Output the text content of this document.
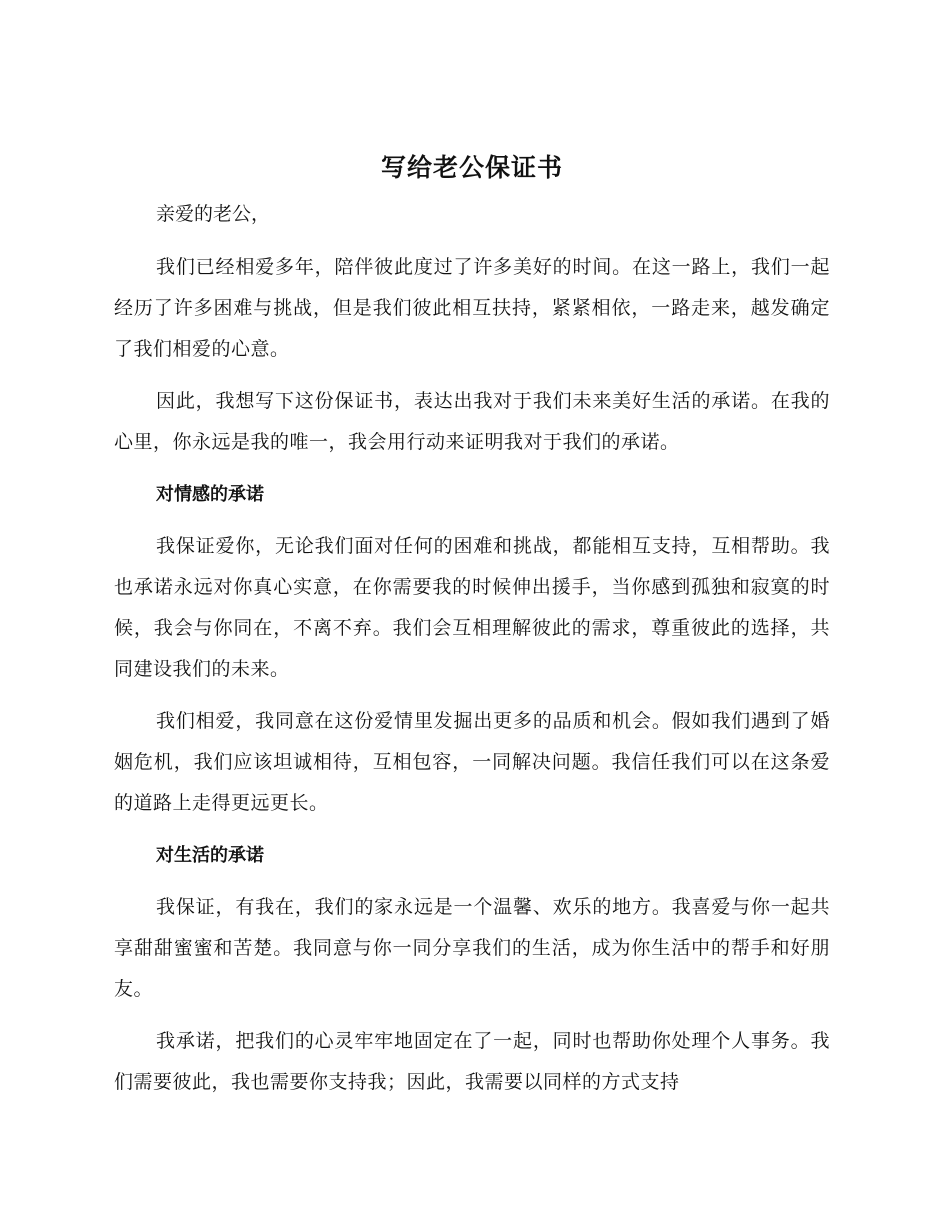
写给老公保证书

亲爱的老公，

我们已经相爱多年，陪伴彼此度过了许多美好的时间。在这一路上，我们一起经历了许多困难与挑战，但是我们彼此相互扶持，紧紧相依，一路走来，越发确定了我们相爱的心意。

因此，我想写下这份保证书，表达出我对于我们未来美好生活的承诺。在我的心里，你永远是我的唯一，我会用行动来证明我对于我们的承诺。

对情感的承诺

我保证爱你，无论我们面对任何的困难和挑战，都能相互支持，互相帮助。我也承诺永远对你真心实意，在你需要我的时候伸出援手，当你感到孤独和寂寞的时候，我会与你同在，不离不弃。我们会互相理解彼此的需求，尊重彼此的选择，共同建设我们的未来。

我们相爱，我同意在这份爱情里发掘出更多的品质和机会。假如我们遇到了婚姻危机，我们应该坦诚相待，互相包容，一同解决问题。我信任我们可以在这条爱的道路上走得更远更长。

对生活的承诺

我保证，有我在，我们的家永远是一个温馨、欢乐的地方。我喜爱与你一起共享甜甜蜜蜜和苦楚。我同意与你一同分享我们的生活，成为你生活中的帮手和好朋友。

我承诺，把我们的心灵牢牢地固定在了一起，同时也帮助你处理个人事务。我们需要彼此，我也需要你支持我；因此，我需要以同样的方式支持
